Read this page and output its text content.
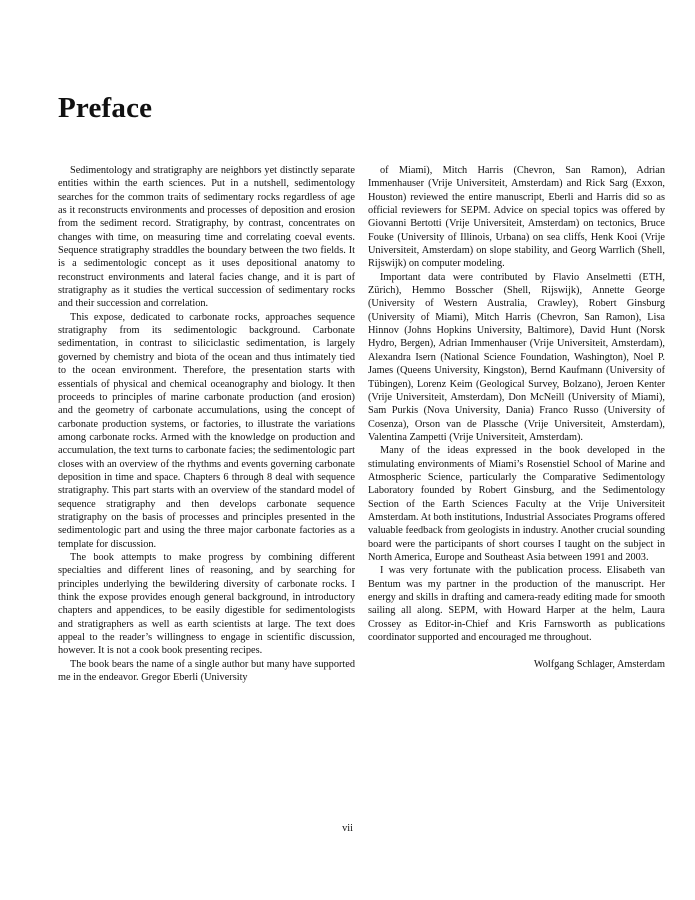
Preface

Sedimentology and stratigraphy are neighbors yet distinctly separate entities within the earth sciences. Put in a nutshell, sedimentology searches for the common traits of sedimentary rocks regardless of age as it reconstructs environments and processes of deposition and erosion from the sediment record. Stratigraphy, by contrast, concentrates on changes with time, on measuring time and correlating coeval events. Sequence stratigraphy straddles the boundary between the two fields. It is a sedimentologic concept as it uses depositional anatomy to reconstruct environments and lateral facies change, and it is part of stratigraphy as it studies the vertical succession of sedimentary rocks and their succession and correlation.

This expose, dedicated to carbonate rocks, approaches sequence stratigraphy from its sedimentologic background. Carbonate sedimentation, in contrast to siliciclastic sedimentation, is largely governed by chemistry and biota of the ocean and thus intimately tied to the ocean environment. Therefore, the presentation starts with essentials of physical and chemical oceanography and biology. It then proceeds to principles of marine carbonate production (and erosion) and the geometry of carbonate accumulations, using the concept of carbonate production systems, or factories, to illustrate the variations among carbonate rocks. Armed with the knowledge on production and accumulation, the text turns to carbonate facies; the sedimentologic part closes with an overview of the rhythms and events governing carbonate deposition in time and space. Chapters 6 through 8 deal with sequence stratigraphy. This part starts with an overview of the standard model of sequence stratigraphy and then develops carbonate sequence stratigraphy on the basis of processes and principles presented in the sedimentologic part and using the three major carbonate factories as a template for discussion.

The book attempts to make progress by combining different specialties and different lines of reasoning, and by searching for principles underlying the bewildering diversity of carbonate rocks. I think the expose provides enough general background, in introductory chapters and appendices, to be easily digestible for sedimentologists and stratigraphers as well as earth scientists at large. The text does appeal to the reader’s willingness to engage in scientific discussion, however. It is not a cook book presenting recipes.

The book bears the name of a single author but many have supported me in the endeavor. Gregor Eberli (University

of Miami), Mitch Harris (Chevron, San Ramon), Adrian Immenhauser (Vrije Universiteit, Amsterdam) and Rick Sarg (Exxon, Houston) reviewed the entire manuscript, Eberli and Harris did so as official reviewers for SEPM. Advice on special topics was offered by Giovanni Bertotti (Vrije Universiteit, Amsterdam) on tectonics, Bruce Fouke (University of Illinois, Urbana) on sea cliffs, Henk Kooi (Vrije Universiteit, Amsterdam) on slope stability, and Georg Warrlich (Shell, Rijswijk) on computer modeling.

Important data were contributed by Flavio Anselmetti (ETH, Zürich), Hemmo Bosscher (Shell, Rijswijk), Annette George (University of Western Australia, Crawley), Robert Ginsburg (University of Miami), Mitch Harris (Chevron, San Ramon), Lisa Hinnov (Johns Hopkins University, Baltimore), David Hunt (Norsk Hydro, Bergen), Adrian Immenhauser (Vrije Universiteit, Amsterdam), Alexandra Isern (National Science Foundation, Washington), Noel P. James (Queens University, Kingston), Bernd Kaufmann (University of Tübingen), Lorenz Keim (Geological Survey, Bolzano), Jeroen Kenter (Vrije Universiteit, Amsterdam), Don McNeill (University of Miami), Sam Purkis (Nova University, Dania) Franco Russo (University of Cosenza), Orson van de Plassche (Vrije Universiteit, Amsterdam), Valentina Zampetti (Vrije Universiteit, Amsterdam).

Many of the ideas expressed in the book developed in the stimulating environments of Miami’s Rosenstiel School of Marine and Atmospheric Science, particularly the Comparative Sedimentology Laboratory founded by Robert Ginsburg, and the Sedimentology Section of the Earth Sciences Faculty at the Vrije Universiteit Amsterdam. At both institutions, Industrial Associates Programs offered valuable feedback from geologists in industry. Another crucial sounding board were the participants of short courses I taught on the subject in North America, Europe and Southeast Asia between 1991 and 2003.

I was very fortunate with the publication process. Elisabeth van Bentum was my partner in the production of the manuscript. Her energy and skills in drafting and camera-ready editing made for smooth sailing all along. SEPM, with Howard Harper at the helm, Laura Crossey as Editor-in-Chief and Kris Farnsworth as publications coordinator supported and encouraged me throughout.

Wolfgang Schlager, Amsterdam

vii
